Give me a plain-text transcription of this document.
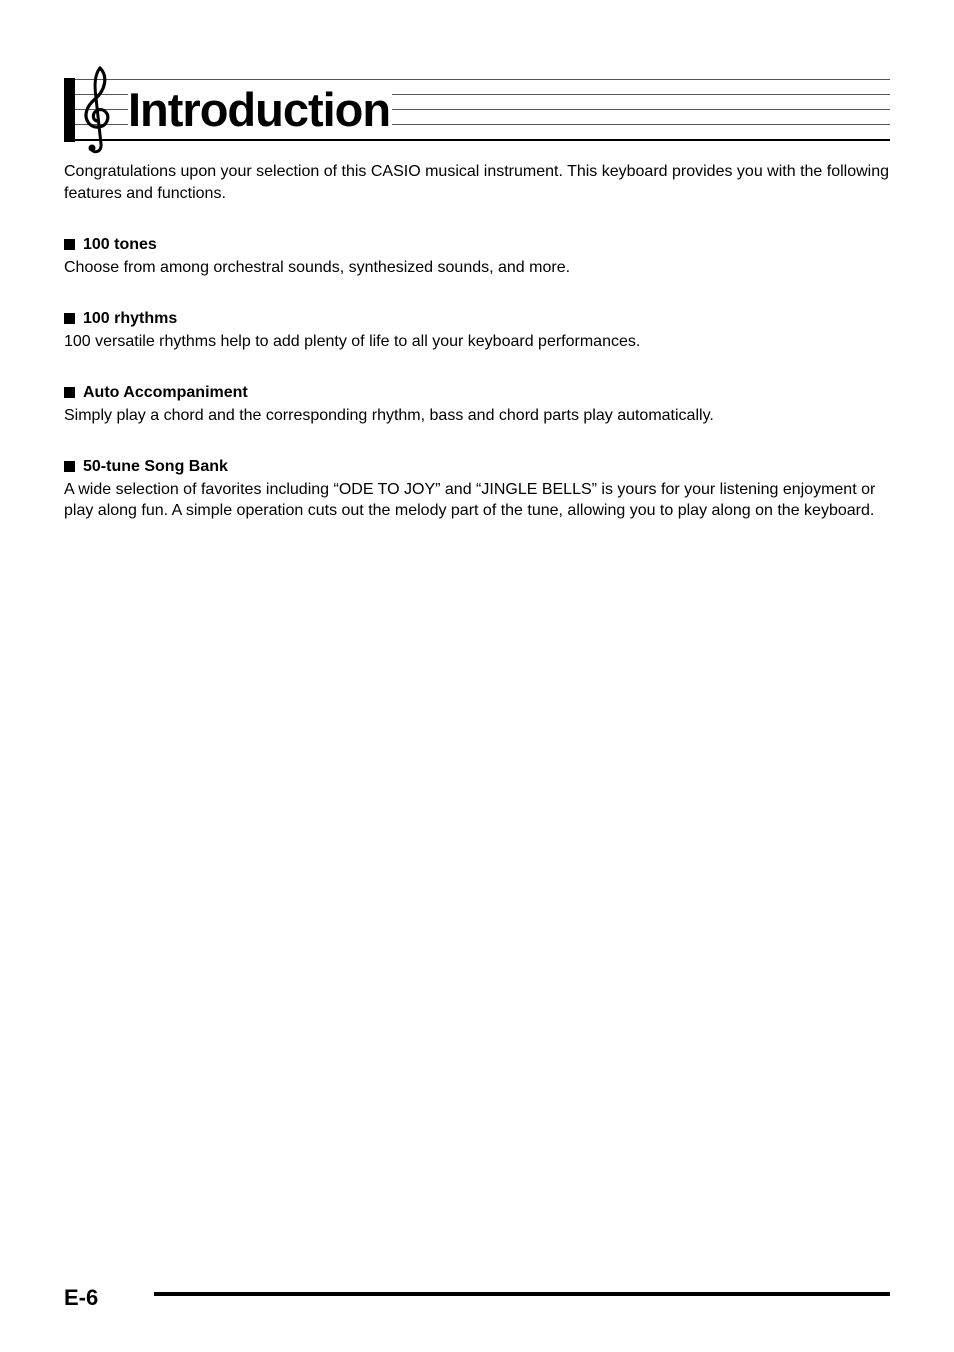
Introduction

Congratulations upon your selection of this CASIO musical instrument. This keyboard provides you with the following features and functions.

100 tones

Choose from among orchestral sounds, synthesized sounds, and more.

100 rhythms

100 versatile rhythms help to add plenty of life to all your keyboard performances.

Auto Accompaniment

Simply play a chord and the corresponding rhythm, bass and chord parts play automatically.

50-tune Song Bank

A wide selection of favorites including “ODE TO JOY” and “JINGLE BELLS” is yours for your listening enjoyment or play along fun. A simple operation cuts out the melody part of the tune, allowing you to play along on the keyboard.

E-6
